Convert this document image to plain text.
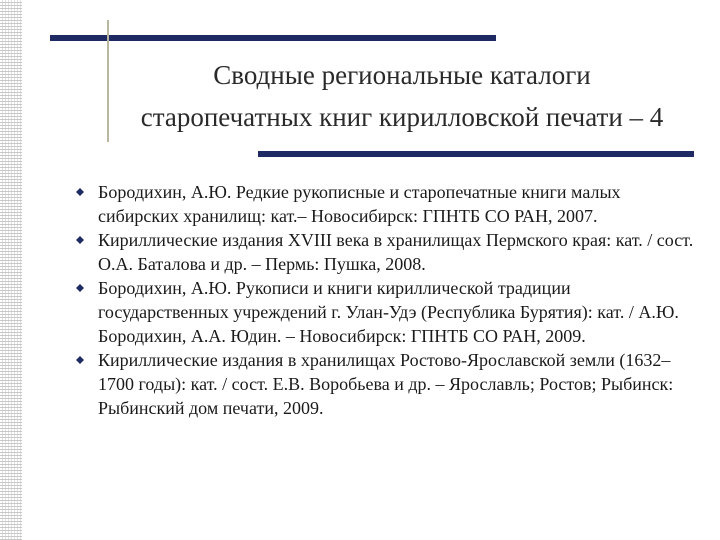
Сводные региональные каталоги
старопечатных книг кирилловской печати – 4
Бородихин, А.Ю. Редкие рукописные и старопечатные книги малых сибирских хранилищ: кат.– Новосибирск: ГПНТБ СО РАН, 2007.
Кириллические издания XVIII века в хранилищах Пермского края: кат. / сост. О.А. Баталова и др. – Пермь: Пушка, 2008.
Бородихин, А.Ю. Рукописи и книги кириллической традиции государственных учреждений г. Улан-Удэ (Республика Бурятия): кат. / А.Ю. Бородихин, А.А. Юдин. – Новосибирск: ГПНТБ СО РАН, 2009.
Кириллические издания в хранилищах Ростово-Ярославской земли (1632–1700 годы): кат. / сост. Е.В. Воробьева и др. – Ярославль; Ростов; Рыбинск: Рыбинский дом печати, 2009.
